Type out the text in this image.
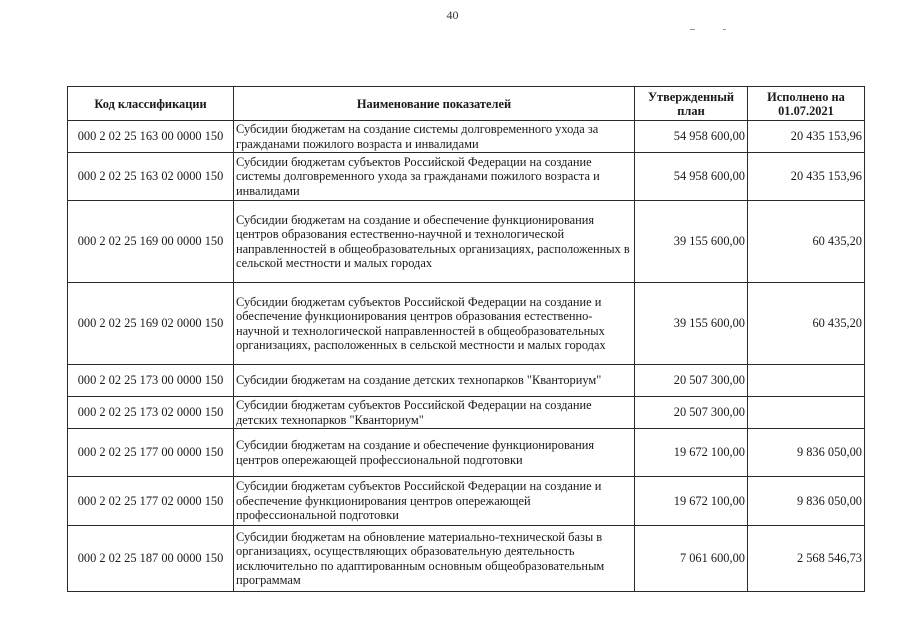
40
Код классификации	Наименование показателей	Утвержденный план	Исполнено на 01.07.2021
000 2 02 25 163 00 0000 150	Субсидии бюджетам на создание системы долговременного ухода за гражданами пожилого возраста и инвалидами	54 958 600,00	20 435 153,96
000 2 02 25 163 02 0000 150	Субсидии бюджетам субъектов Российской Федерации на создание системы долговременного ухода за гражданами пожилого возраста и инвалидами	54 958 600,00	20 435 153,96
000 2 02 25 169 00 0000 150	Субсидии бюджетам на создание и обеспечение функционирования центров образования естественно-научной и технологической направленностей в общеобразовательных организациях, расположенных в сельской местности и малых городах	39 155 600,00	60 435,20
000 2 02 25 169 02 0000 150	Субсидии бюджетам субъектов Российской Федерации на создание и обеспечение функционирования центров образования естественно-научной и технологической направленностей в общеобразовательных организациях, расположенных в сельской местности и малых городах	39 155 600,00	60 435,20
000 2 02 25 173 00 0000 150	Субсидии бюджетам на создание детских технопарков "Кванториум"	20 507 300,00	
000 2 02 25 173 02 0000 150	Субсидии бюджетам субъектов Российской Федерации на создание детских технопарков "Кванториум"	20 507 300,00	
000 2 02 25 177 00 0000 150	Субсидии бюджетам на создание и обеспечение функционирования центров опережающей профессиональной подготовки	19 672 100,00	9 836 050,00
000 2 02 25 177 02 0000 150	Субсидии бюджетам субъектов Российской Федерации на создание и обеспечение функционирования центров опережающей профессиональной подготовки	19 672 100,00	9 836 050,00
000 2 02 25 187 00 0000 150	Субсидии бюджетам на обновление материально-технической базы в организациях, осуществляющих образовательную деятельность исключительно по адаптированным основным общеобразовательным программам	7 061 600,00	2 568 546,73
